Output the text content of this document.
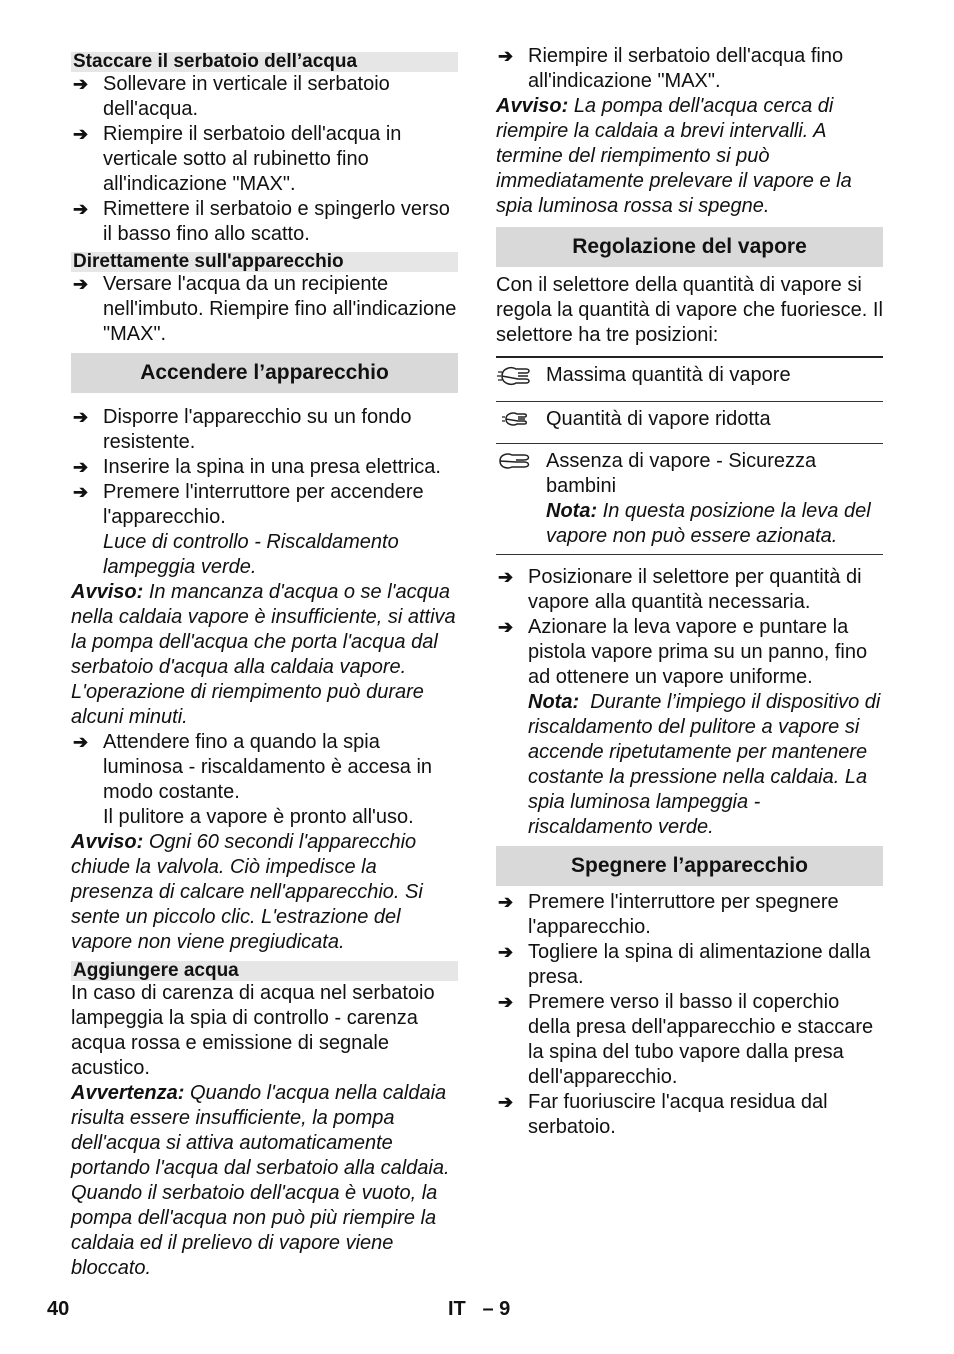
Staccare il serbatoio dell’acqua
➔ Sollevare in verticale il serbatoio dell'acqua.
➔ Riempire il serbatoio dell'acqua in verticale sotto al rubinetto fino all'indicazione "MAX".
➔ Rimettere il serbatoio e spingerlo verso il basso fino allo scatto.
Direttamente sull'apparecchio
➔ Versare l'acqua da un recipiente nell'imbuto. Riempire fino all'indicazione "MAX".
Accendere l’apparecchio
➔ Disporre l'apparecchio su un fondo resistente.
➔ Inserire la spina in una presa elettrica.
➔ Premere l'interruttore per accendere l'apparecchio.

Luce di controllo - Riscaldamento lampeggia verde.

Avviso: In mancanza d'acqua o se l'acqua nella caldaia vapore è insufficiente, si attiva la pompa dell'acqua che porta l'acqua dal serbatoio d'acqua alla caldaia vapore. L'operazione di riempimento può durare alcuni minuti.

➔ Attendere fino a quando la spia luminosa - riscaldamento è accesa in modo costante.

Il pulitore a vapore è pronto all'uso.

Avviso: Ogni 60 secondi l'apparecchio chiude la valvola. Ciò impedisce la presenza di calcare nell'apparecchio. Si sente un piccolo clic. L'estrazione del vapore non viene pregiudicata.

Aggiungere acqua

In caso di carenza di acqua nel serbatoio lampeggia la spia di controllo - carenza acqua rossa e emissione di segnale acustico.

Avvertenza: Quando l'acqua nella caldaia risulta essere insufficiente, la pompa dell'acqua si attiva automaticamente portando l'acqua dal serbatoio alla caldaia. Quando il serbatoio dell'acqua è vuoto, la pompa dell'acqua non può più riempire la caldaia ed il prelievo di vapore viene bloccato.

➔ Riempire il serbatoio dell'acqua fino all'indicazione "MAX".

Avviso: La pompa dell'acqua cerca di riempire la caldaia a brevi intervalli. A termine del riempimento si può immediatamente prelevare il vapore e la spia luminosa rossa si spegne.

Regolazione del vapore

Con il selettore della quantità di vapore si regola la quantità di vapore che fuoriesce. Il selettore ha tre posizioni:

	Massima quantità di vapore
	Quantità di vapore ridotta
	Assenza di vapore - Sicurezza bambini
Nota: In questa posizione la leva del vapore non può essere azionata.
➔ Posizionare il selettore per quantità di vapore alla quantità necessaria.
➔ Azionare la leva vapore e puntare la pistola vapore prima su un panno, fino ad ottenere un vapore uniforme.

Nota: Durante l’impiego il dispositivo di riscaldamento del pulitore a vapore si accende ripetutamente per mantenere costante la pressione nella caldaia. La spia luminosa lampeggia - riscaldamento verde.

Spegnere l’apparecchio
➔ Premere l'interruttore per spegnere l'apparecchio.
➔ Togliere la spina di alimentazione dalla presa.
➔ Premere verso il basso il coperchio della presa dell'apparecchio e staccare la spina del tubo vapore dalla presa dell'apparecchio.
➔ Far fuoriuscire l'acqua residua dal serbatoio.
40	IT   – 9
